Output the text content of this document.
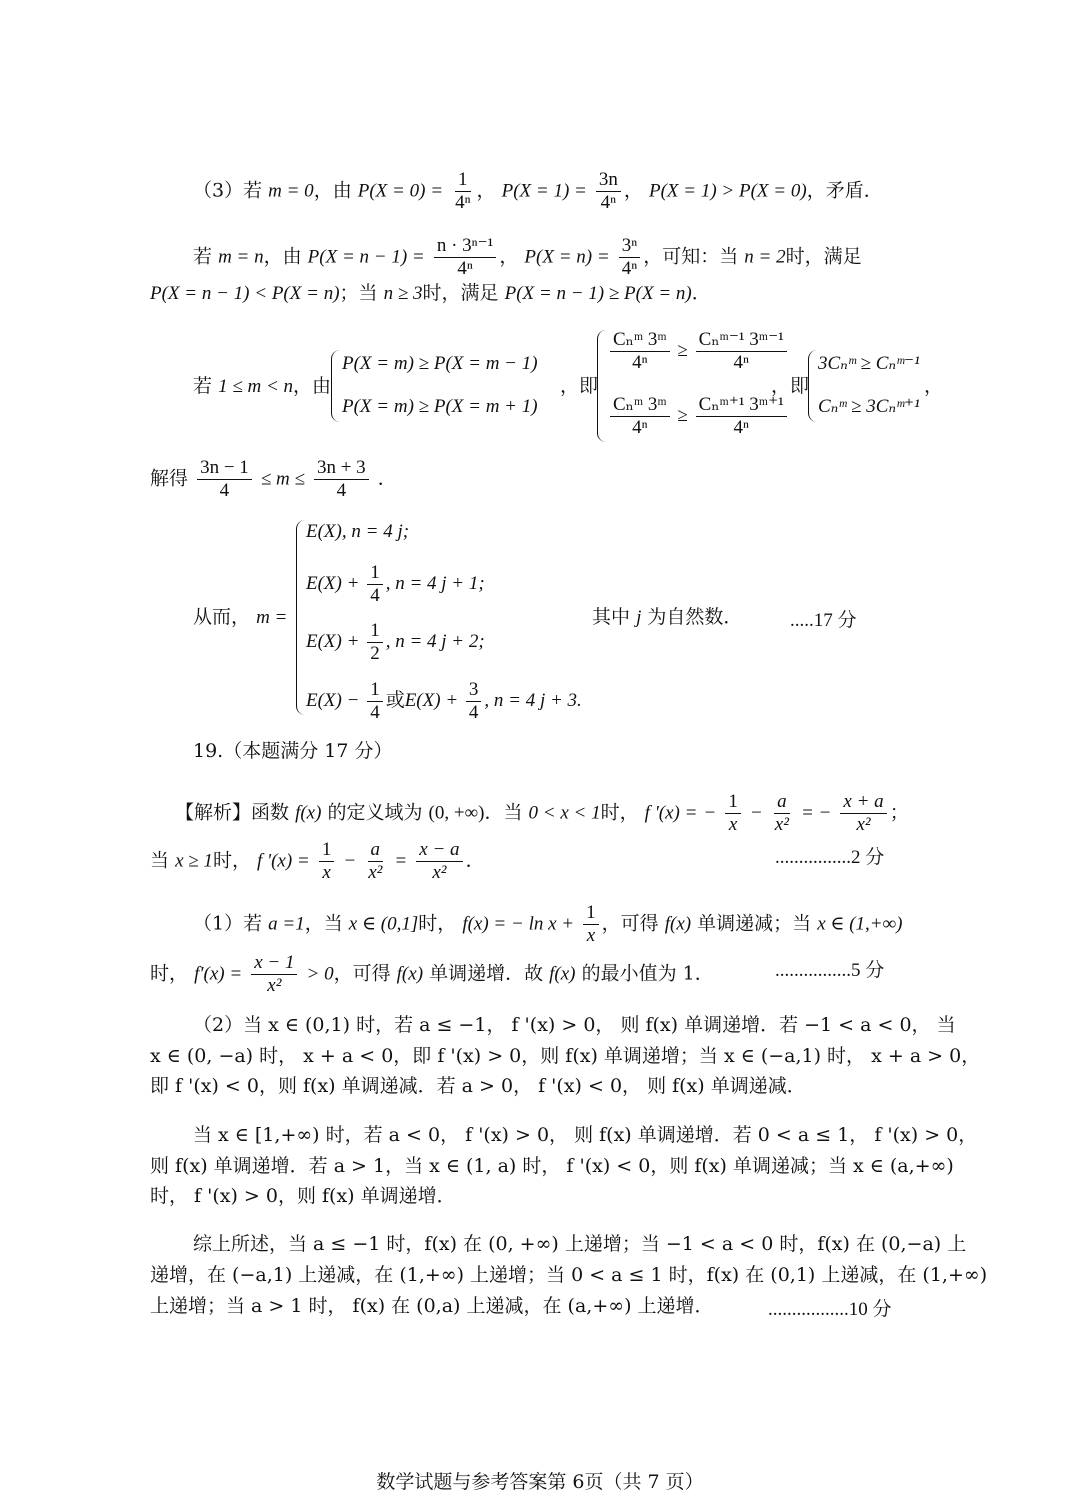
（3）若 m = 0，由 $P(X = 0) = \frac{1}{\text{4ⁿ}}$ ， $P(X = 1) = \frac{3n}{\text{4ⁿ}}$ ， P(X = 1) > P(X = 0)，矛盾．
若 m = n，由 $P(X = n - 1) = \frac{\text{n · 3ⁿ⁻¹}}{\text{4ⁿ}}$ ， $P(X = n) = \frac{\text{3ⁿ}}{\text{4ⁿ}}$ ，可知：当 n = 2时，满足
P(X = n − 1) < P(X = n)；当 n ≥ 3时，满足 P(X = n − 1) ≥ P(X = n)．
若 1 ≤ m < n，由
P(X = m) ≥ P(X = m − 1)
P(X = m) ≥ P(X = m + 1)
，即
$\frac{\text{Cₙᵐ 3ᵐ}}{\text{4ⁿ}} \ge \frac{\text{Cₙᵐ⁻¹ 3ᵐ⁻¹}}{\text{4ⁿ}}$
$\frac{\text{Cₙᵐ 3ᵐ}}{\text{4ⁿ}} \ge \frac{\text{Cₙᵐ⁺¹ 3ᵐ⁺¹}}{\text{4ⁿ}}$
，即
3Cₙᵐ ≥ Cₙᵐ⁻¹
Cₙᵐ ≥ 3Cₙᵐ⁺¹
，
解得 $\frac{3n - 1}{4} \le m \le \frac{3n + 3}{4}$ ．
从而， m =
E(X), n = 4 j;
$E(X) + \frac{1}{4}$ , n = 4 j + 1;
$E(X) + \frac{1}{2}$ , n = 4 j + 2;
$E(X) - \frac{1}{4}$ 或$E(X) + \frac{3}{4}$ , n = 4 j + 3.
其中 j 为自然数．	.....17 分
19.（本题满分 17 分）
【解析】函数 f(x) 的定义域为 (0, +∞)．当 0 < x < 1时， f '(x) = − $\frac{1}{x} - \frac{a}{\text{x²}}$ = − $\frac{x + a}{\text{x²}}$ ；
当 x ≥ 1时， f '$(x) = \frac{1}{x} - \frac{a}{\text{x²}} = \frac{x - a}{\text{x²}}$ ．	................2 分
（1）若 a =1，当 x ∈ (0,1]时， f(x) = − $\ln x + \frac{1}{x}$ ，可得 f(x) 单调递减；当 x ∈ (1,+∞)
时， $f'(x) = \frac{x - 1}{\text{x²}} > 0$，可得 f(x) 单调递增．故 f(x) 的最小值为 1．	................5 分
（2）当 x ∈ (0,1) 时，若 a ≤ −1， f '(x) > 0， 则 f(x) 单调递增．若 −1 < a < 0， 当
x ∈ (0, −a) 时， x + a < 0，即 f '(x) > 0，则 f(x) 单调递增；当 x ∈ (−a,1) 时， x + a > 0，
即 f '(x) < 0，则 f(x) 单调递减．若 a > 0， f '(x) < 0， 则 f(x) 单调递减．
当 x ∈ [1,+∞) 时，若 a < 0， f '(x) > 0， 则 f(x) 单调递增．若 0 < a ≤ 1， f '(x) > 0，
则 f(x) 单调递增．若 a > 1，当 x ∈ (1, a) 时， f '(x) < 0，则 f(x) 单调递减；当 x ∈ (a,+∞)
时， f '(x) > 0，则 f(x) 单调递增．
综上所述，当 a ≤ −1 时，f(x) 在 (0, +∞) 上递增；当 −1 < a < 0 时，f(x) 在 (0,−a) 上
递增，在 (−a,1) 上递减，在 (1,+∞) 上递增；当 0 < a ≤ 1 时，f(x) 在 (0,1) 上递减，在 (1,+∞)
上递增；当 a > 1 时， f(x) 在 (0,a) 上递减，在 (a,+∞) 上递增．	.................10 分
数学试题与参考答案第 6页（共 7 页）
